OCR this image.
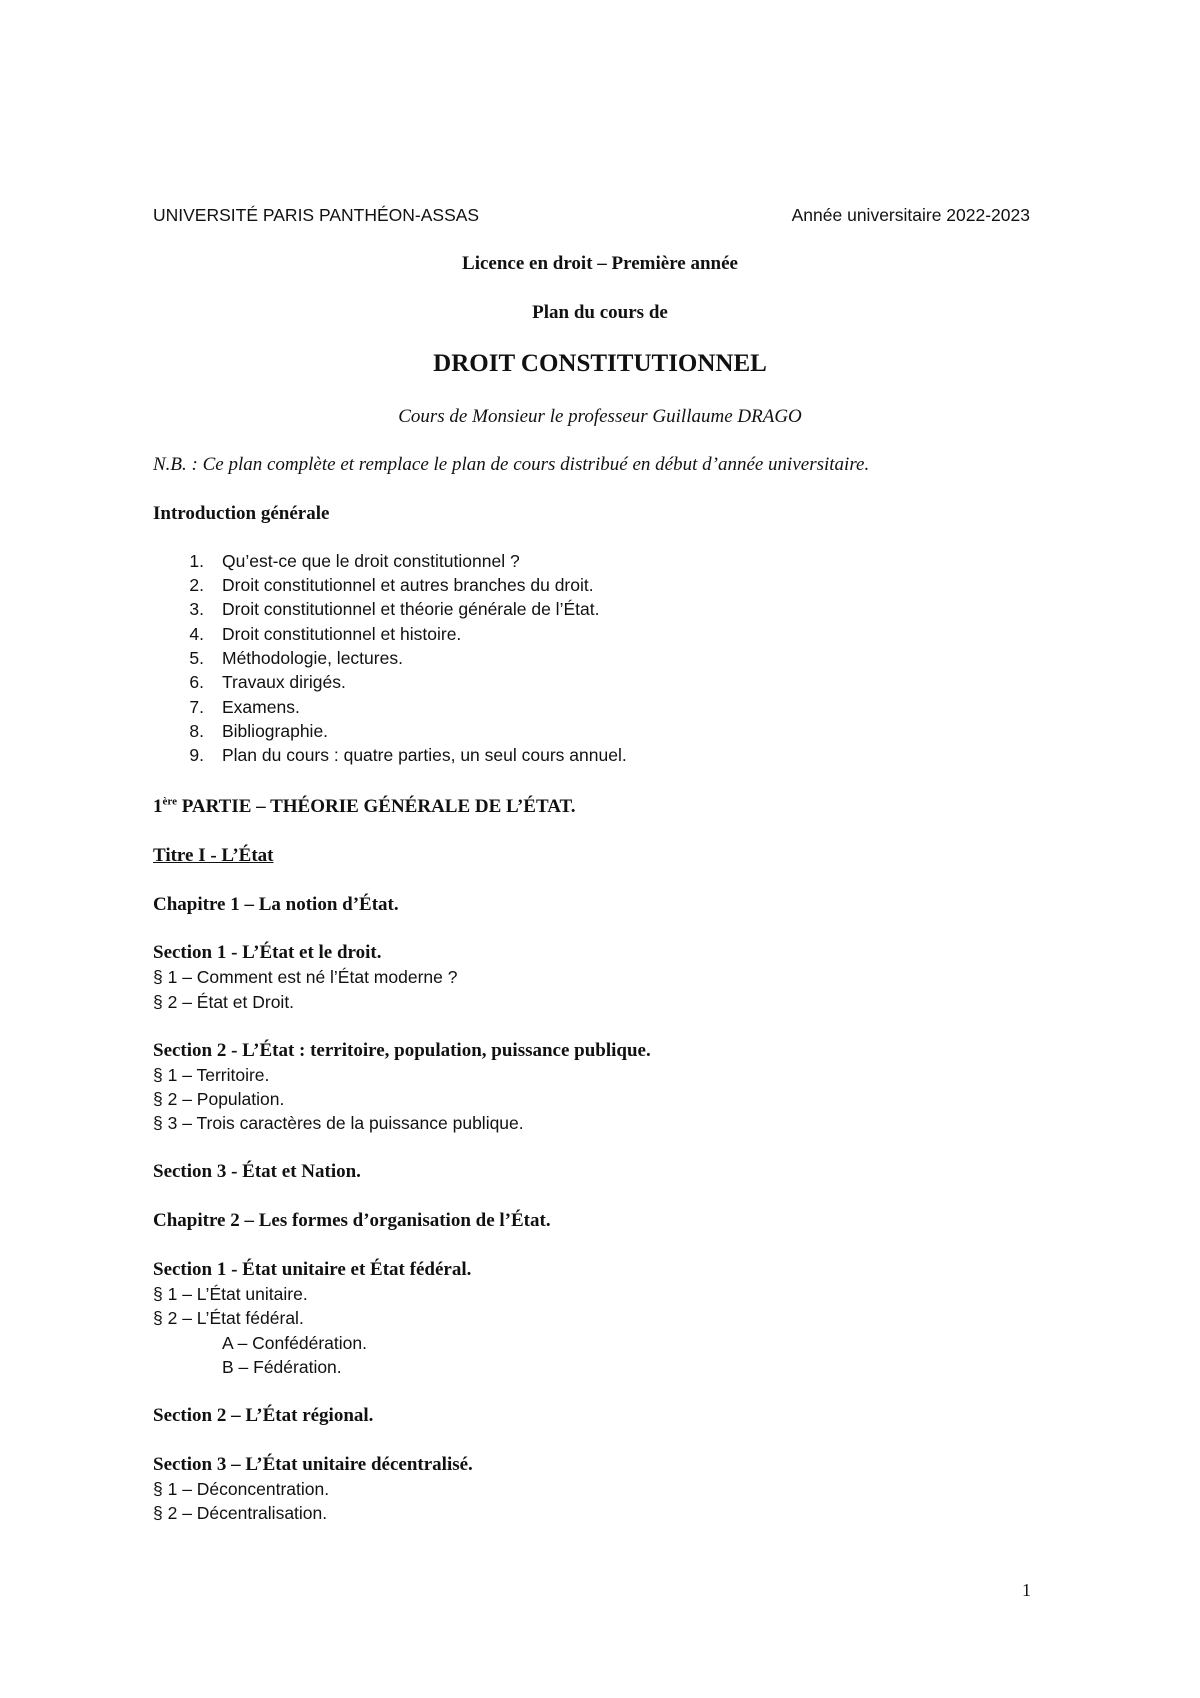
UNIVERSITÉ PARIS PANTHÉON-ASSAS	Année universitaire 2022-2023
Licence en droit – Première année
Plan du cours de
DROIT CONSTITUTIONNEL
Cours de Monsieur le professeur Guillaume DRAGO
N.B. : Ce plan complète et remplace le plan de cours distribué en début d’année universitaire.
Introduction générale
1. Qu’est-ce que le droit constitutionnel ?
2. Droit constitutionnel et autres branches du droit.
3. Droit constitutionnel et théorie générale de l’État.
4. Droit constitutionnel et histoire.
5. Méthodologie, lectures.
6. Travaux dirigés.
7. Examens.
8. Bibliographie.
9. Plan du cours : quatre parties, un seul cours annuel.
1ère PARTIE – THÉORIE GÉNÉRALE DE L’ÉTAT.
Titre I - L’État
Chapitre 1 – La notion d’État.
Section 1 - L’État et le droit.
§ 1 – Comment est né l’État moderne ?
§ 2 – État et Droit.
Section 2 - L’État : territoire, population, puissance publique.
§ 1 – Territoire.
§ 2 – Population.
§ 3 – Trois caractères de la puissance publique.
Section 3 - État et Nation.
Chapitre 2 – Les formes d’organisation de l’État.
Section 1 - État unitaire et État fédéral.
§ 1 – L’État unitaire.
§ 2 – L’État fédéral.
A – Confédération.
B – Fédération.
Section 2 – L’État régional.
Section 3 – L’État unitaire décentralisé.
§ 1 – Déconcentration.
§ 2 – Décentralisation.
1
